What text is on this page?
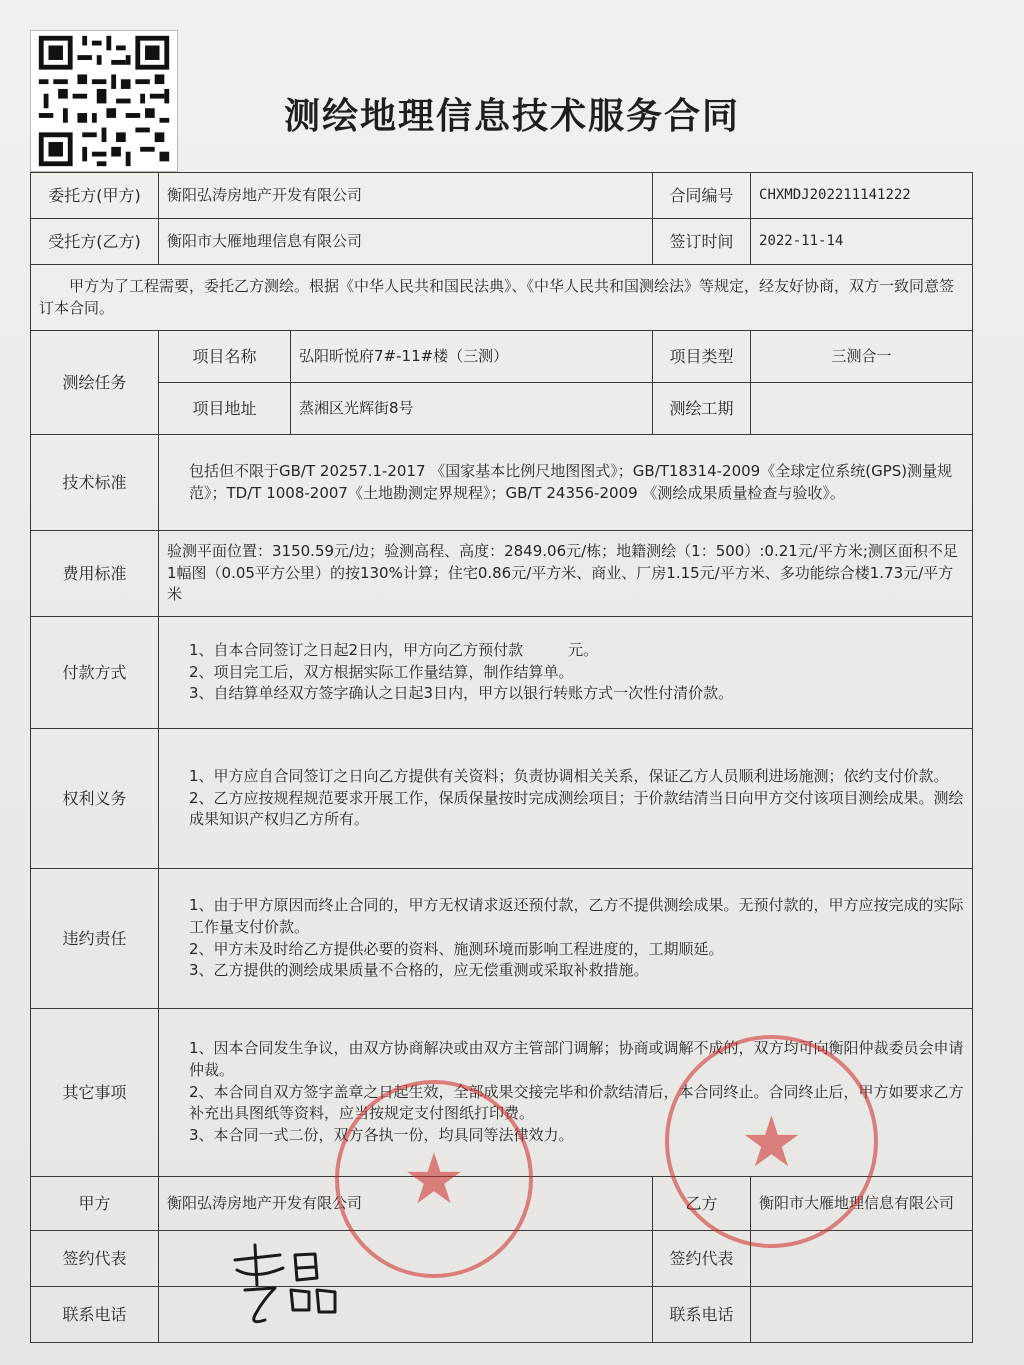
测绘地理信息技术服务合同
委托方(甲方)	衡阳弘涛房地产开发有限公司		合同编号	CHXMDJ202211141222
受托方(乙方)	衡阳市大雁地理信息有限公司		签订时间	2022-11-14
甲方为了工程需要，委托乙方测绘。根据《中华人民共和国民法典》、《中华人民共和国测绘法》等规定，经友好协商，双方一致同意签订本合同。				
测绘任务	项目名称	弘阳昕悦府7#-11#楼（三测）	项目类型	三测合一
	项目地址	蒸湘区光辉街8号	测绘工期	
技术标准	包括但不限于GB/T 20257.1-2017 《国家基本比例尺地图图式》；GB/T18314-2009《全球定位系统(GPS)测量规范》；TD/T 1008-2007《土地勘测定界规程》；GB/T 24356-2009 《测绘成果质量检查与验收》。			
费用标准	验测平面位置：3150.59元/边；验测高程、高度：2849.06元/栋；地籍测绘（1：500）:0.21元/平方米;测区面积不足1幅图（0.05平方公里）的按130%计算；住宅0.86元/平方米、商业、厂房1.15元/平方米、多功能综合楼1.73元/平方米			
付款方式	1、自本合同签订之日起2日内，甲方向乙方预付款　　　元。

2、项目完工后，双方根据实际工作量结算，制作结算单。

3、自结算单经双方签字确认之日起3日内，甲方以银行转账方式一次性付清价款。			

权利义务	1、甲方应自合同签订之日向乙方提供有关资料；负责协调相关关系，保证乙方人员顺利进场施测；依约支付价款。

2、乙方应按规程规范要求开展工作，保质保量按时完成测绘项目；于价款结清当日向甲方交付该项目测绘成果。测绘成果知识产权归乙方所有。			

违约责任	1、由于甲方原因而终止合同的，甲方无权请求返还预付款，乙方不提供测绘成果。无预付款的，甲方应按完成的实际工作量支付价款。

2、甲方未及时给乙方提供必要的资料、施测环境而影响工程进度的，工期顺延。

3、乙方提供的测绘成果质量不合格的，应无偿重测或采取补救措施。			

其它事项	1、因本合同发生争议，由双方协商解决或由双方主管部门调解；协商或调解不成的，双方均可向衡阳仲裁委员会申请仲裁。

2、本合同自双方签字盖章之日起生效，全部成果交接完毕和价款结清后，本合同终止。合同终止后，甲方如要求乙方补充出具图纸等资料，应当按规定支付图纸打印费。

3、本合同一式二份，双方各执一份，均具同等法律效力。			

甲方	衡阳弘涛房地产开发有限公司		乙方	衡阳市大雁地理信息有限公司
签约代表			签约代表	
联系电话			联系电话	
★	★
